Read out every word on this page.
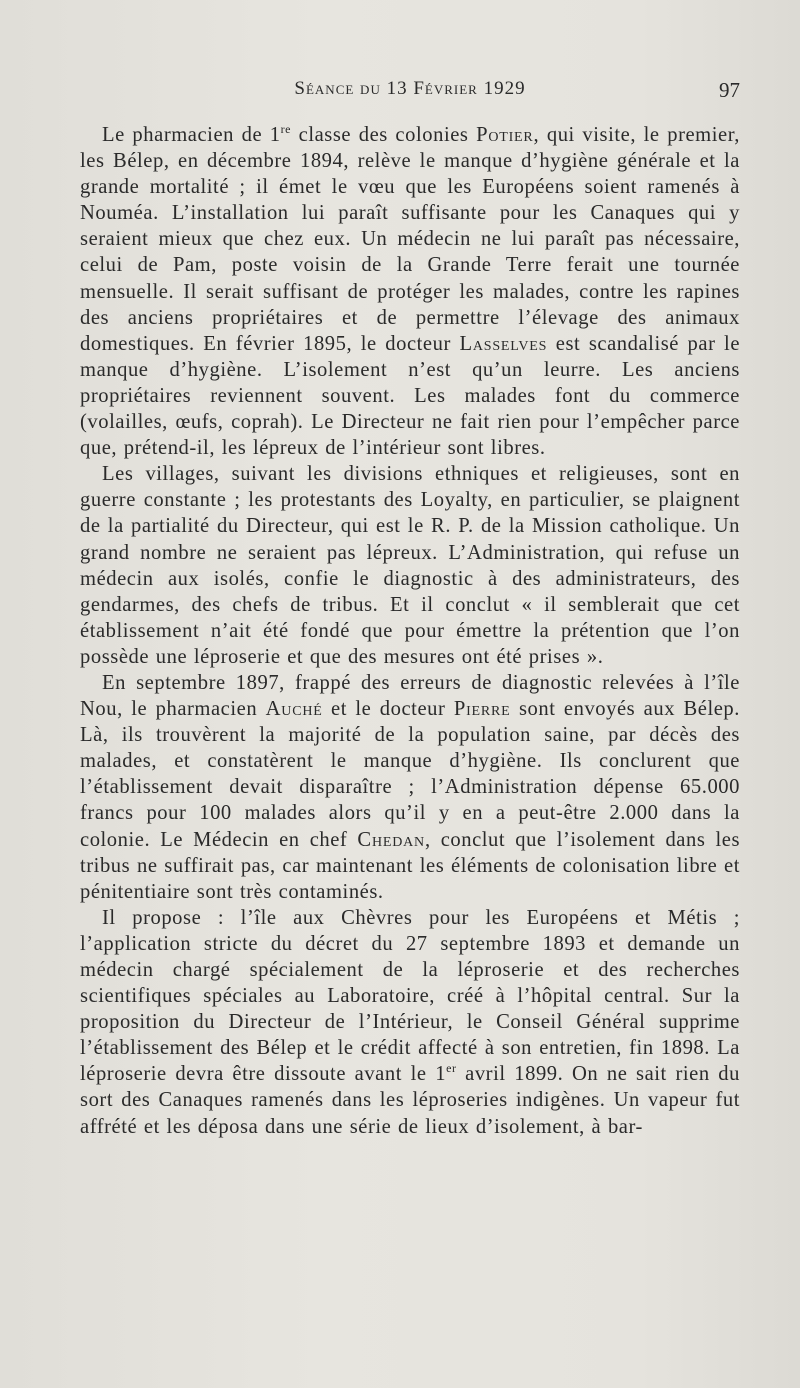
Séance du 13 Février 1929	97

Le pharmacien de 1re classe des colonies Potier, qui visite, le premier, les Bélep, en décembre 1894, relève le manque d’hygiène générale et la grande mortalité ; il émet le vœu que les Européens soient ramenés à Nouméa. L’installation lui paraît suffisante pour les Canaques qui y seraient mieux que chez eux. Un médecin ne lui paraît pas nécessaire, celui de Pam, poste voisin de la Grande Terre ferait une tournée mensuelle. Il serait suffisant de protéger les malades, contre les rapines des anciens propriétaires et de permettre l’élevage des animaux domestiques. En février 1895, le docteur Lasselves est scandalisé par le manque d’hygiène. L’isolement n’est qu’un leurre. Les anciens propriétaires reviennent souvent. Les malades font du commerce (volailles, œufs, coprah). Le Directeur ne fait rien pour l’empêcher parce que, prétend-il, les lépreux de l’intérieur sont libres.

Les villages, suivant les divisions ethniques et religieuses, sont en guerre constante ; les protestants des Loyalty, en particulier, se plaignent de la partialité du Directeur, qui est le R. P. de la Mission catholique. Un grand nombre ne seraient pas lépreux. L’Administration, qui refuse un médecin aux isolés, confie le diagnostic à des administrateurs, des gendarmes, des chefs de tribus. Et il conclut « il semblerait que cet établissement n’ait été fondé que pour émettre la prétention que l’on possède une léproserie et que des mesures ont été prises ».

En septembre 1897, frappé des erreurs de diagnostic relevées à l’île Nou, le pharmacien Auché et le docteur Pierre sont envoyés aux Bélep. Là, ils trouvèrent la majorité de la population saine, par décès des malades, et constatèrent le manque d’hygiène. Ils conclurent que l’établissement devait disparaître ; l’Administration dépense 65.000 francs pour 100 malades alors qu’il y en a peut-être 2.000 dans la colonie. Le Médecin en chef Chedan, conclut que l’isolement dans les tribus ne suffirait pas, car maintenant les éléments de colonisation libre et pénitentiaire sont très contaminés.

Il propose : l’île aux Chèvres pour les Européens et Métis ; l’application stricte du décret du 27 septembre 1893 et demande un médecin chargé spécialement de la léproserie et des recherches scientifiques spéciales au Laboratoire, créé à l’hôpital central. Sur la proposition du Directeur de l’Intérieur, le Conseil Général supprime l’établissement des Bélep et le crédit affecté à son entretien, fin 1898. La léproserie devra être dissoute avant le 1er avril 1899. On ne sait rien du sort des Canaques ramenés dans les léproseries indigènes. Un vapeur fut affrété et les déposa dans une série de lieux d’isolement, à bar-
